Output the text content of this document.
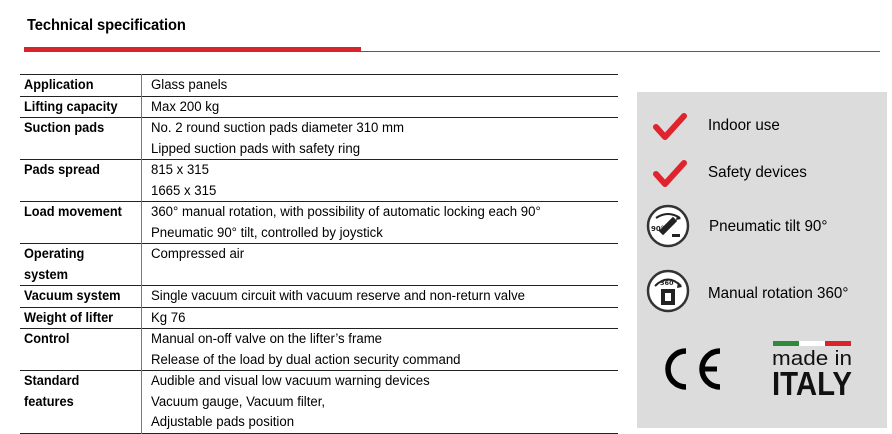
Technical specification
Application	Glass panels

Lifting capacity	Max 200 kg

Suction pads	No. 2 round suction pads diameter 310 mm
Lipped suction pads with safety ring

Pads spread	815 x 315
1665 x 315

Load movement	360° manual rotation, with possibility of automatic locking each 90°
Pneumatic 90° tilt, controlled by joystick

Operating
system	Compressed air

Vacuum system	Single vacuum circuit with vacuum reserve and non-return valve

Weight of lifter	Kg 76

Control	Manual on-off valve on the lifter’s frame
Release of the load by dual action security command

Standard
features	Audible and visual low vacuum warning devices
Vacuum gauge, Vacuum filter,
Adjustable pads position
Indoor use
Safety devices
90°	Pneumatic tilt 90°
360°
Manual rotation 360°
made in
ITALY
